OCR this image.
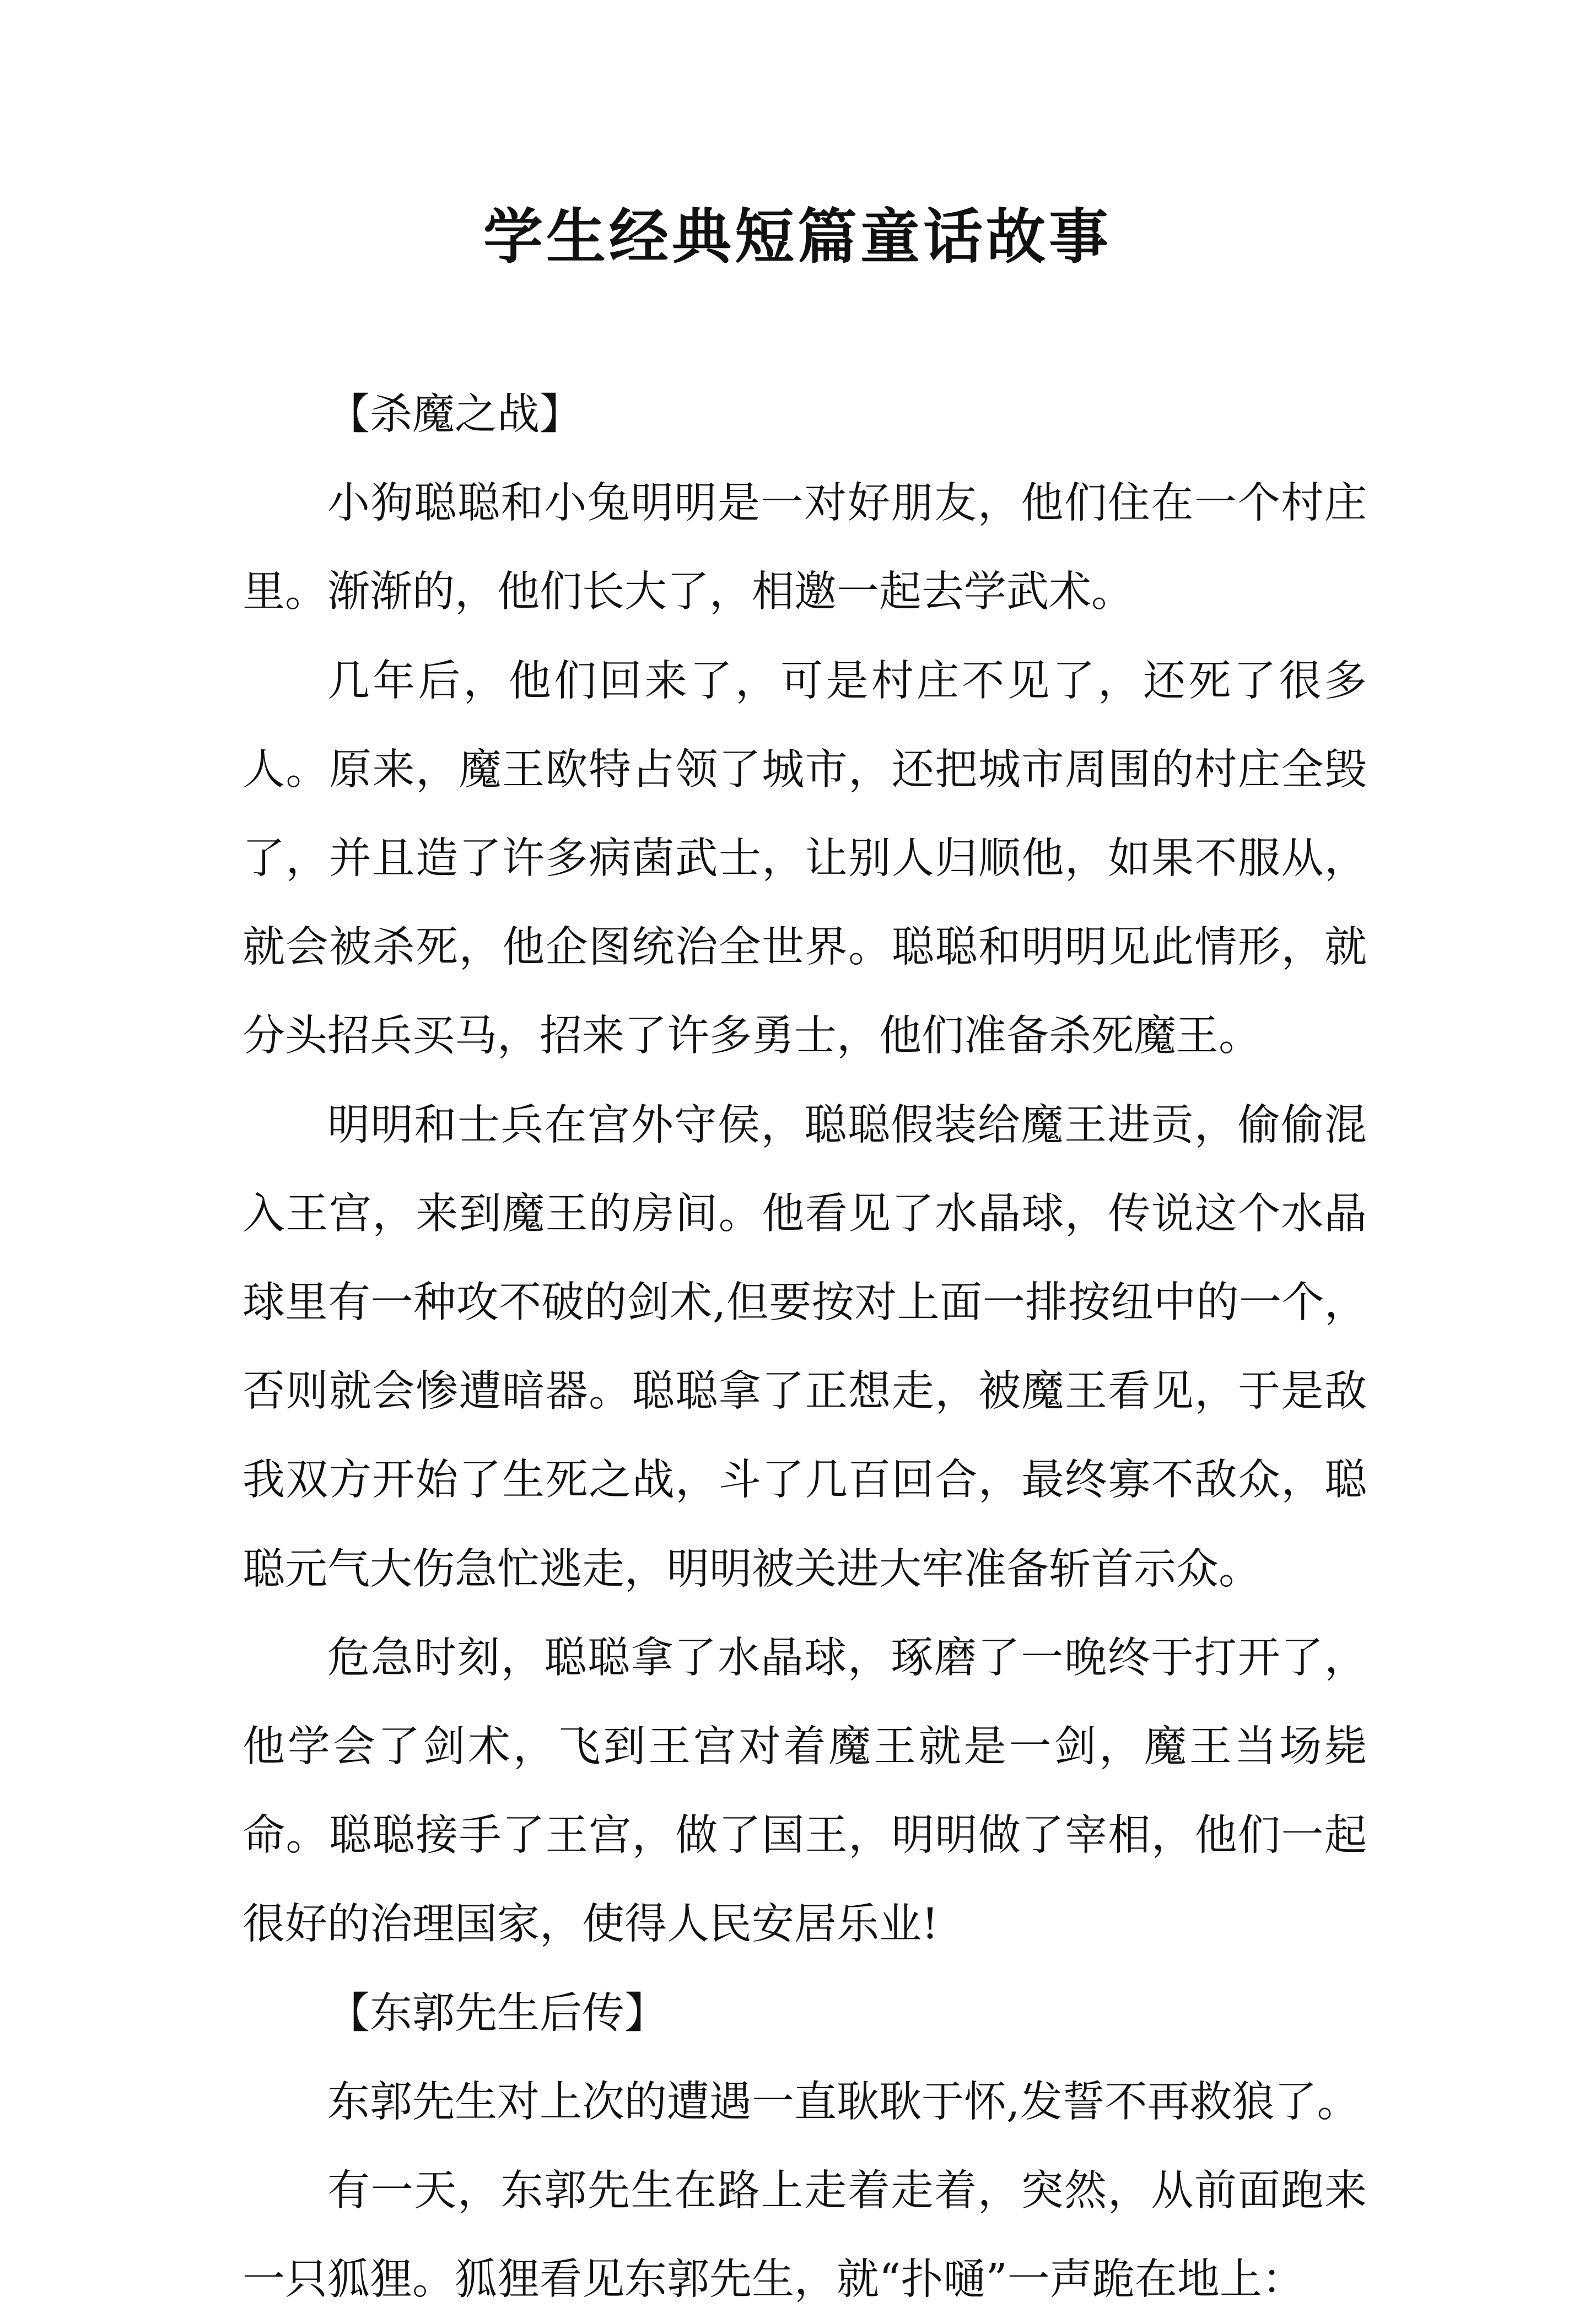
学生经典短篇童话故事

【杀魔之战】

小狗聪聪和小兔明明是一对好朋友，他们住在一个村庄里。渐渐的，他们长大了，相邀一起去学武术。

几年后，他们回来了，可是村庄不见了，还死了很多人。原来，魔王欧特占领了城市，还把城市周围的村庄全毁了，并且造了许多病菌武士，让别人归顺他，如果不服从，就会被杀死，他企图统治全世界。聪聪和明明见此情形，就分头招兵买马，招来了许多勇士，他们准备杀死魔王。

明明和士兵在宫外守侯，聪聪假装给魔王进贡，偷偷混入王宫，来到魔王的房间。他看见了水晶球，传说这个水晶球里有一种攻不破的剑术,但要按对上面一排按纽中的一个，否则就会惨遭暗器。聪聪拿了正想走，被魔王看见，于是敌我双方开始了生死之战，斗了几百回合，最终寡不敌众，聪聪元气大伤急忙逃走，明明被关进大牢准备斩首示众。

危急时刻，聪聪拿了水晶球，琢磨了一晚终于打开了，他学会了剑术，飞到王宫对着魔王就是一剑，魔王当场毙命。聪聪接手了王宫，做了国王，明明做了宰相，他们一起很好的治理国家，使得人民安居乐业!

【东郭先生后传】

东郭先生对上次的遭遇一直耿耿于怀,发誓不再救狼了。

有一天，东郭先生在路上走着走着，突然，从前面跑来一只狐狸。狐狸看见东郭先生，就“扑嗵”一声跪在地上：
